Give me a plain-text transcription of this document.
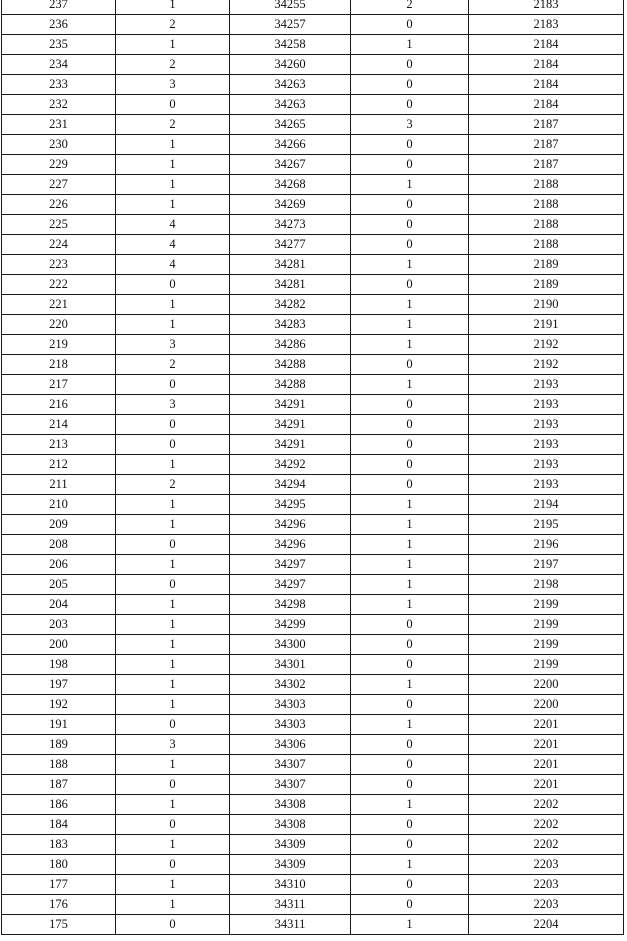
237	1	34255	2	2183
236	2	34257	0	2183
235	1	34258	1	2184
234	2	34260	0	2184
233	3	34263	0	2184
232	0	34263	0	2184
231	2	34265	3	2187
230	1	34266	0	2187
229	1	34267	0	2187
227	1	34268	1	2188
226	1	34269	0	2188
225	4	34273	0	2188
224	4	34277	0	2188
223	4	34281	1	2189
222	0	34281	0	2189
221	1	34282	1	2190
220	1	34283	1	2191
219	3	34286	1	2192
218	2	34288	0	2192
217	0	34288	1	2193
216	3	34291	0	2193
214	0	34291	0	2193
213	0	34291	0	2193
212	1	34292	0	2193
211	2	34294	0	2193
210	1	34295	1	2194
209	1	34296	1	2195
208	0	34296	1	2196
206	1	34297	1	2197
205	0	34297	1	2198
204	1	34298	1	2199
203	1	34299	0	2199
200	1	34300	0	2199
198	1	34301	0	2199
197	1	34302	1	2200
192	1	34303	0	2200
191	0	34303	1	2201
189	3	34306	0	2201
188	1	34307	0	2201
187	0	34307	0	2201
186	1	34308	1	2202
184	0	34308	0	2202
183	1	34309	0	2202
180	0	34309	1	2203
177	1	34310	0	2203
176	1	34311	0	2203
175	0	34311	1	2204
